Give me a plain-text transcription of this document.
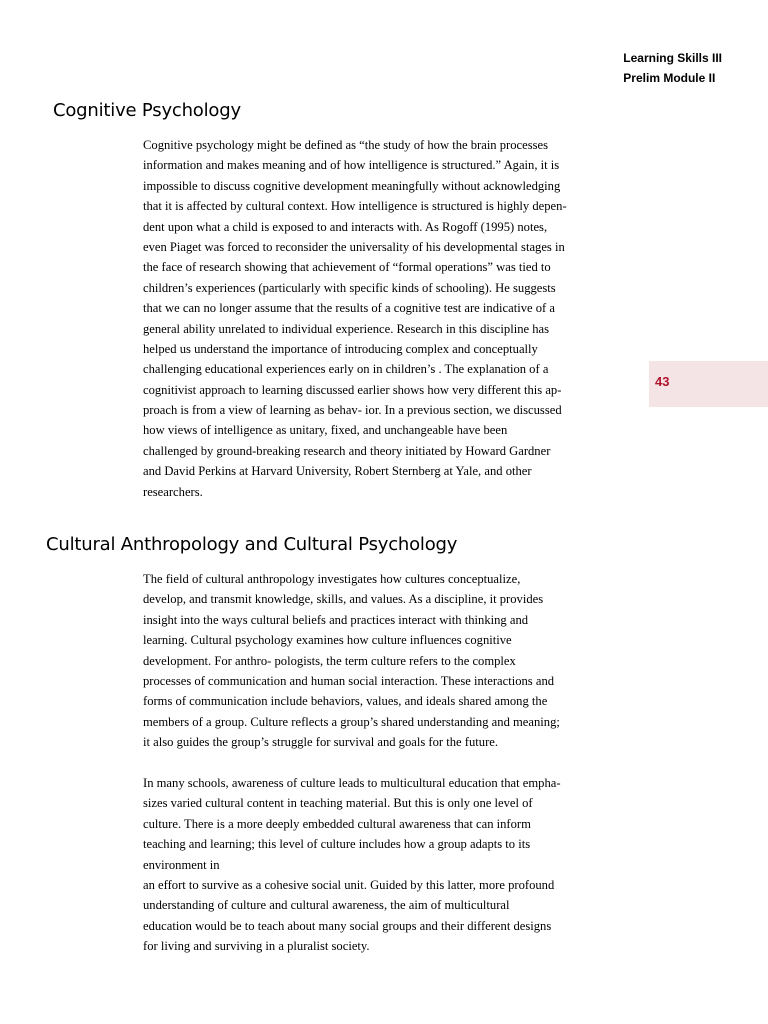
Learning Skills III
Prelim Module II
Cognitive Psychology
Cognitive psychology might be defined as “the study of how the brain processes
information and makes meaning and of how intelligence is structured.” Again, it is
impossible to discuss cognitive development meaningfully without acknowledging
that it is affected by cultural context. How intelligence is structured is highly depen-
dent upon what a child is exposed to and interacts with. As Rogoff (1995) notes,
even Piaget was forced to reconsider the universality of his developmental stages in
the face of research showing that achievement of “formal operations” was tied to
children’s experiences (particularly with specific kinds of schooling). He suggests
that we can no longer assume that the results of a cognitive test are indicative of a
general ability unrelated to individual experience. Research in this discipline has
helped us understand the importance of introducing complex and conceptually
challenging educational experiences early on in children’s . The explanation of a
cognitivist approach to learning discussed earlier shows how very different this ap-
proach is from a view of learning as behav- ior. In a previous section, we discussed
how views of intelligence as unitary, fixed, and unchangeable have been
challenged by ground-breaking research and theory initiated by Howard Gardner
and David Perkins at Harvard University, Robert Sternberg at Yale, and other
researchers.
Cultural Anthropology and Cultural Psychology
The field of cultural anthropology investigates how cultures conceptualize,
develop, and transmit knowledge, skills, and values. As a discipline, it provides
insight into the ways cultural beliefs and practices interact with thinking and
learning. Cultural psychology examines how culture influences cognitive
development. For anthro- pologists, the term culture refers to the complex
processes of communication and human social interaction. These interactions and
forms of communication include behaviors, values, and ideals shared among the
members of a group. Culture reflects a group’s shared understanding and meaning;
it also guides the group’s struggle for survival and goals for the future.
In many schools, awareness of culture leads to multicultural education that empha-
sizes varied cultural content in teaching material. But this is only one level of
culture. There is a more deeply embedded cultural awareness that can inform
teaching and learning; this level of culture includes how a group adapts to its
environment in
an effort to survive as a cohesive social unit. Guided by this latter, more profound
understanding of culture and cultural awareness, the aim of multicultural
education would be to teach about many social groups and their different designs
for living and surviving in a pluralist society.
43
